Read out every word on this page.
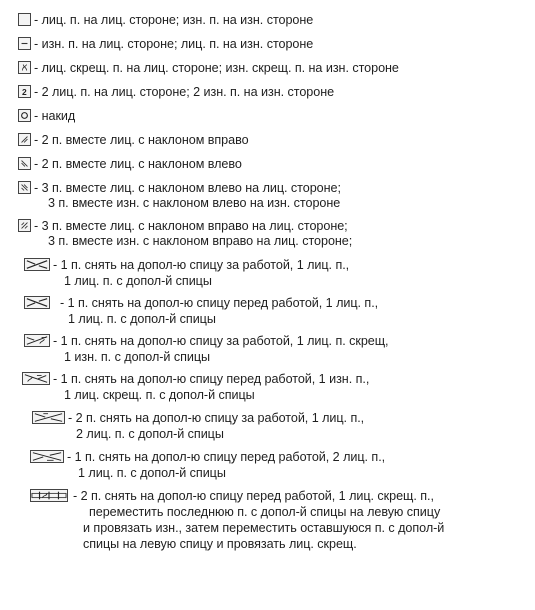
- лиц. п. на лиц. стороне; изн. п. на изн. стороне
- изн. п. на лиц. стороне; лиц. п. на изн. стороне
- лиц. скрещ. п. на лиц. стороне; изн. скрещ. п. на изн. стороне
2 - 2 лиц. п. на лиц. стороне; 2 изн. п. на изн. стороне
- накид
- 2 п. вместе лиц. с наклоном вправо
- 2 п. вместе лиц. с наклоном влево
- 3 п. вместе лиц. с наклоном влево на лиц. стороне;
3 п. вместе изн. с наклоном влево на изн. стороне
- 3 п. вместе лиц. с наклоном вправо на лиц. стороне;
3 п. вместе изн. с наклоном вправо на лиц. стороне;
- 1 п. снять на допол-ю спицу за работой, 1 лиц. п.,
1 лиц. п. с допол-й спицы
- 1 п. снять на допол-ю спицу перед работой, 1 лиц. п.,
1 лиц. п. с допол-й спицы
- 1 п. снять на допол-ю спицу за работой, 1 лиц. п. скрещ,
1 изн. п. с допол-й спицы
- 1 п. снять на допол-ю спицу перед работой, 1 изн. п.,
1 лиц. скрещ. п. с допол-й спицы
- 2 п. снять на допол-ю спицу за работой, 1 лиц. п.,
2 лиц. п. с допол-й спицы
- 1 п. снять на допол-ю спицу перед работой, 2 лиц. п.,
1 лиц. п. с допол-й спицы
- 2 п. снять на допол-ю спицу перед работой, 1 лиц. скрещ. п.,
переместить последнюю п. с допол-й спицы на левую спицу
и провязать изн., затем переместить оставшуюся п. с допол-й
спицы на левую спицу и провязать лиц. скрещ.
